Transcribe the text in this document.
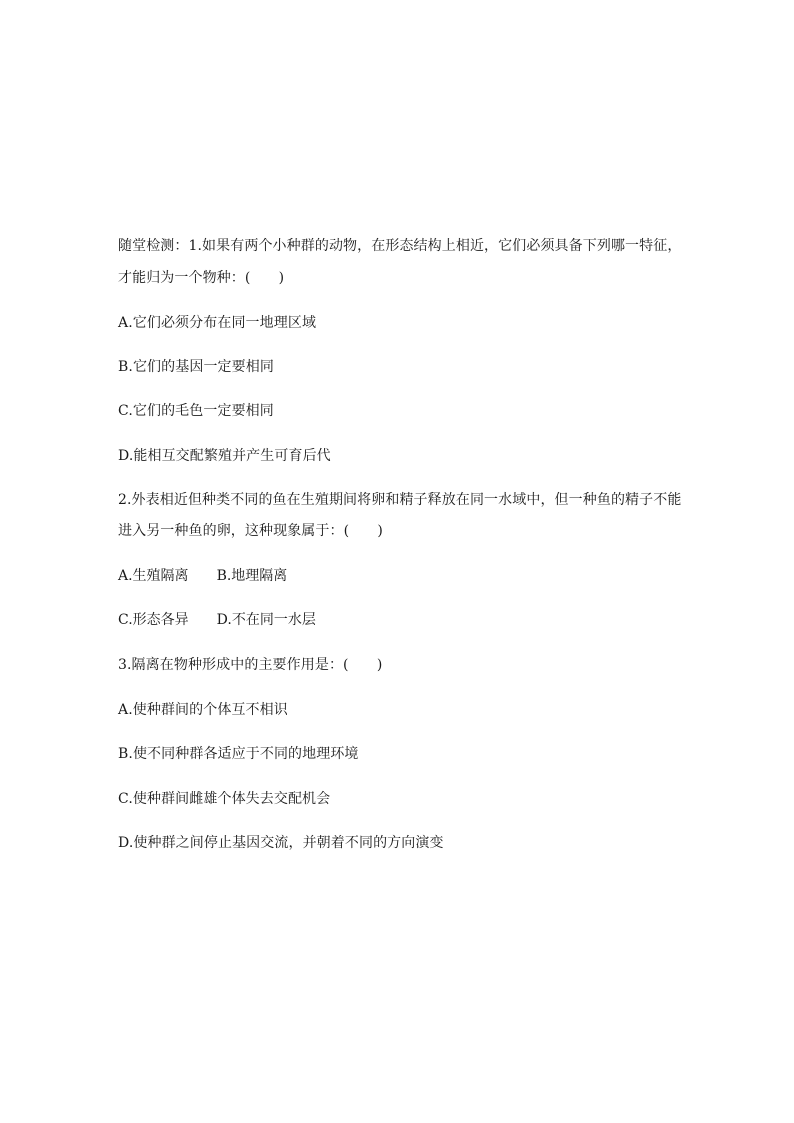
随堂检测：1.如果有两个小种群的动物，在形态结构上相近，它们必须具备下列哪一特征，
才能归为一个物种：(　　)
A.它们必须分布在同一地理区域
B.它们的基因一定要相同
C.它们的毛色一定要相同
D.能相互交配繁殖并产生可育后代
2.外表相近但种类不同的鱼在生殖期间将卵和精子释放在同一水域中，但一种鱼的精子不能
进入另一种鱼的卵，这种现象属于：(　　)
A.生殖隔离 B.地理隔离
C.形态各异 D.不在同一水层
3.隔离在物种形成中的主要作用是：(　　)
A.使种群间的个体互不相识
B.使不同种群各适应于不同的地理环境
C.使种群间雌雄个体失去交配机会
D.使种群之间停止基因交流，并朝着不同的方向演变
